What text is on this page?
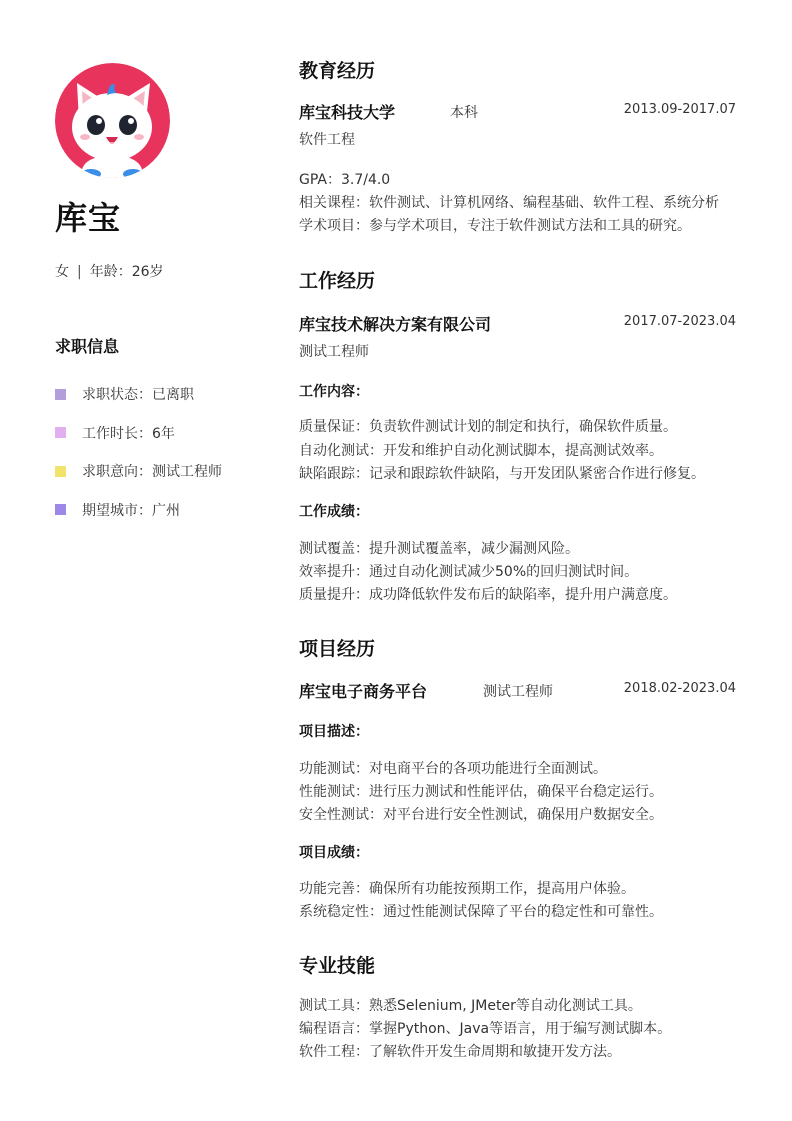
库宝
女 | 年龄：26岁
求职信息
求职状态：已离职
工作时长：6年
求职意向：测试工程师
期望城市：广州
教育经历
库宝科技大学	本科	2013.09-2017.07
软件工程
GPA：3.7/4.0
相关课程：软件测试、计算机网络、编程基础、软件工程、系统分析
学术项目：参与学术项目，专注于软件测试方法和工具的研究。
工作经历
库宝技术解决方案有限公司	2017.07-2023.04
测试工程师
工作内容：
质量保证：负责软件测试计划的制定和执行，确保软件质量。
自动化测试：开发和维护自动化测试脚本，提高测试效率。
缺陷跟踪：记录和跟踪软件缺陷，与开发团队紧密合作进行修复。
工作成绩：
测试覆盖：提升测试覆盖率，减少漏测风险。
效率提升：通过自动化测试减少50%的回归测试时间。
质量提升：成功降低软件发布后的缺陷率，提升用户满意度。
项目经历
库宝电子商务平台	测试工程师	2018.02-2023.04
项目描述：
功能测试：对电商平台的各项功能进行全面测试。
性能测试：进行压力测试和性能评估，确保平台稳定运行。
安全性测试：对平台进行安全性测试，确保用户数据安全。
项目成绩：
功能完善：确保所有功能按预期工作，提高用户体验。
系统稳定性：通过性能测试保障了平台的稳定性和可靠性。
专业技能
测试工具：熟悉Selenium, JMeter等自动化测试工具。
编程语言：掌握Python、Java等语言，用于编写测试脚本。
软件工程：了解软件开发生命周期和敏捷开发方法。
